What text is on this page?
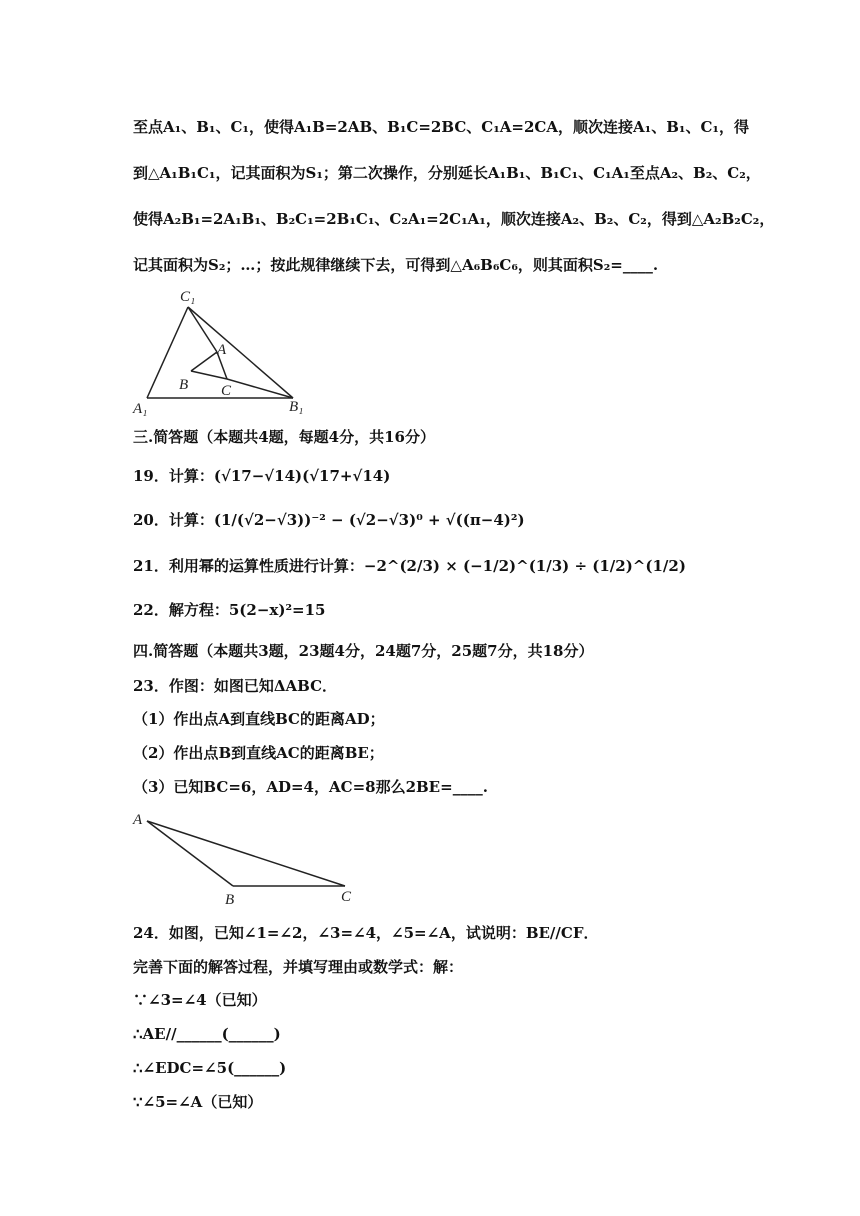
至点A₁、B₁、C₁，使得A₁B=2AB、B₁C=2BC、C₁A=2CA，顺次连接A₁、B₁、C₁，得
到△A₁B₁C₁，记其面积为S₁；第二次操作，分别延长A₁B₁、B₁C₁、C₁A₁至点A₂、B₂、C₂，
使得A₂B₁=2A₁B₁、B₂C₁=2B₁C₁、C₂A₁=2C₁A₁，顺次连接A₂、B₂、C₂，得到△A₂B₂C₂，
记其面积为S₂；…；按此规律继续下去，可得到△A₆B₆C₆，则其面积S₂=____.
C₁
A
B C
A₁	B₁
三.简答题（本题共4题，每题4分，共16分）
19．计算：(√17−√14)(√17+√14)
20．计算：(1/(√2−√3))⁻² − (√2−√3)⁰ + √((π−4)²)
21．利用幂的运算性质进行计算：−2^(2/3) × (−1/2)^(1/3) ÷ (1/2)^(1/2)
22．解方程：5(2−x)²=15
四.简答题（本题共3题，23题4分，24题7分，25题7分，共18分）
23．作图：如图已知ΔABC．
（1）作出点A到直线BC的距离AD；
（2）作出点B到直线AC的距离BE；
（3）已知BC=6，AD=4，AC=8那么2BE=____.
A
B	C
24．如图，已知∠1=∠2，∠3=∠4，∠5=∠A，试说明：BE//CF．
完善下面的解答过程，并填写理由或数学式：解：
∵∠3=∠4（已知）
∴AE//______(______)
∴∠EDC=∠5(______)
∵∠5=∠A（已知）
